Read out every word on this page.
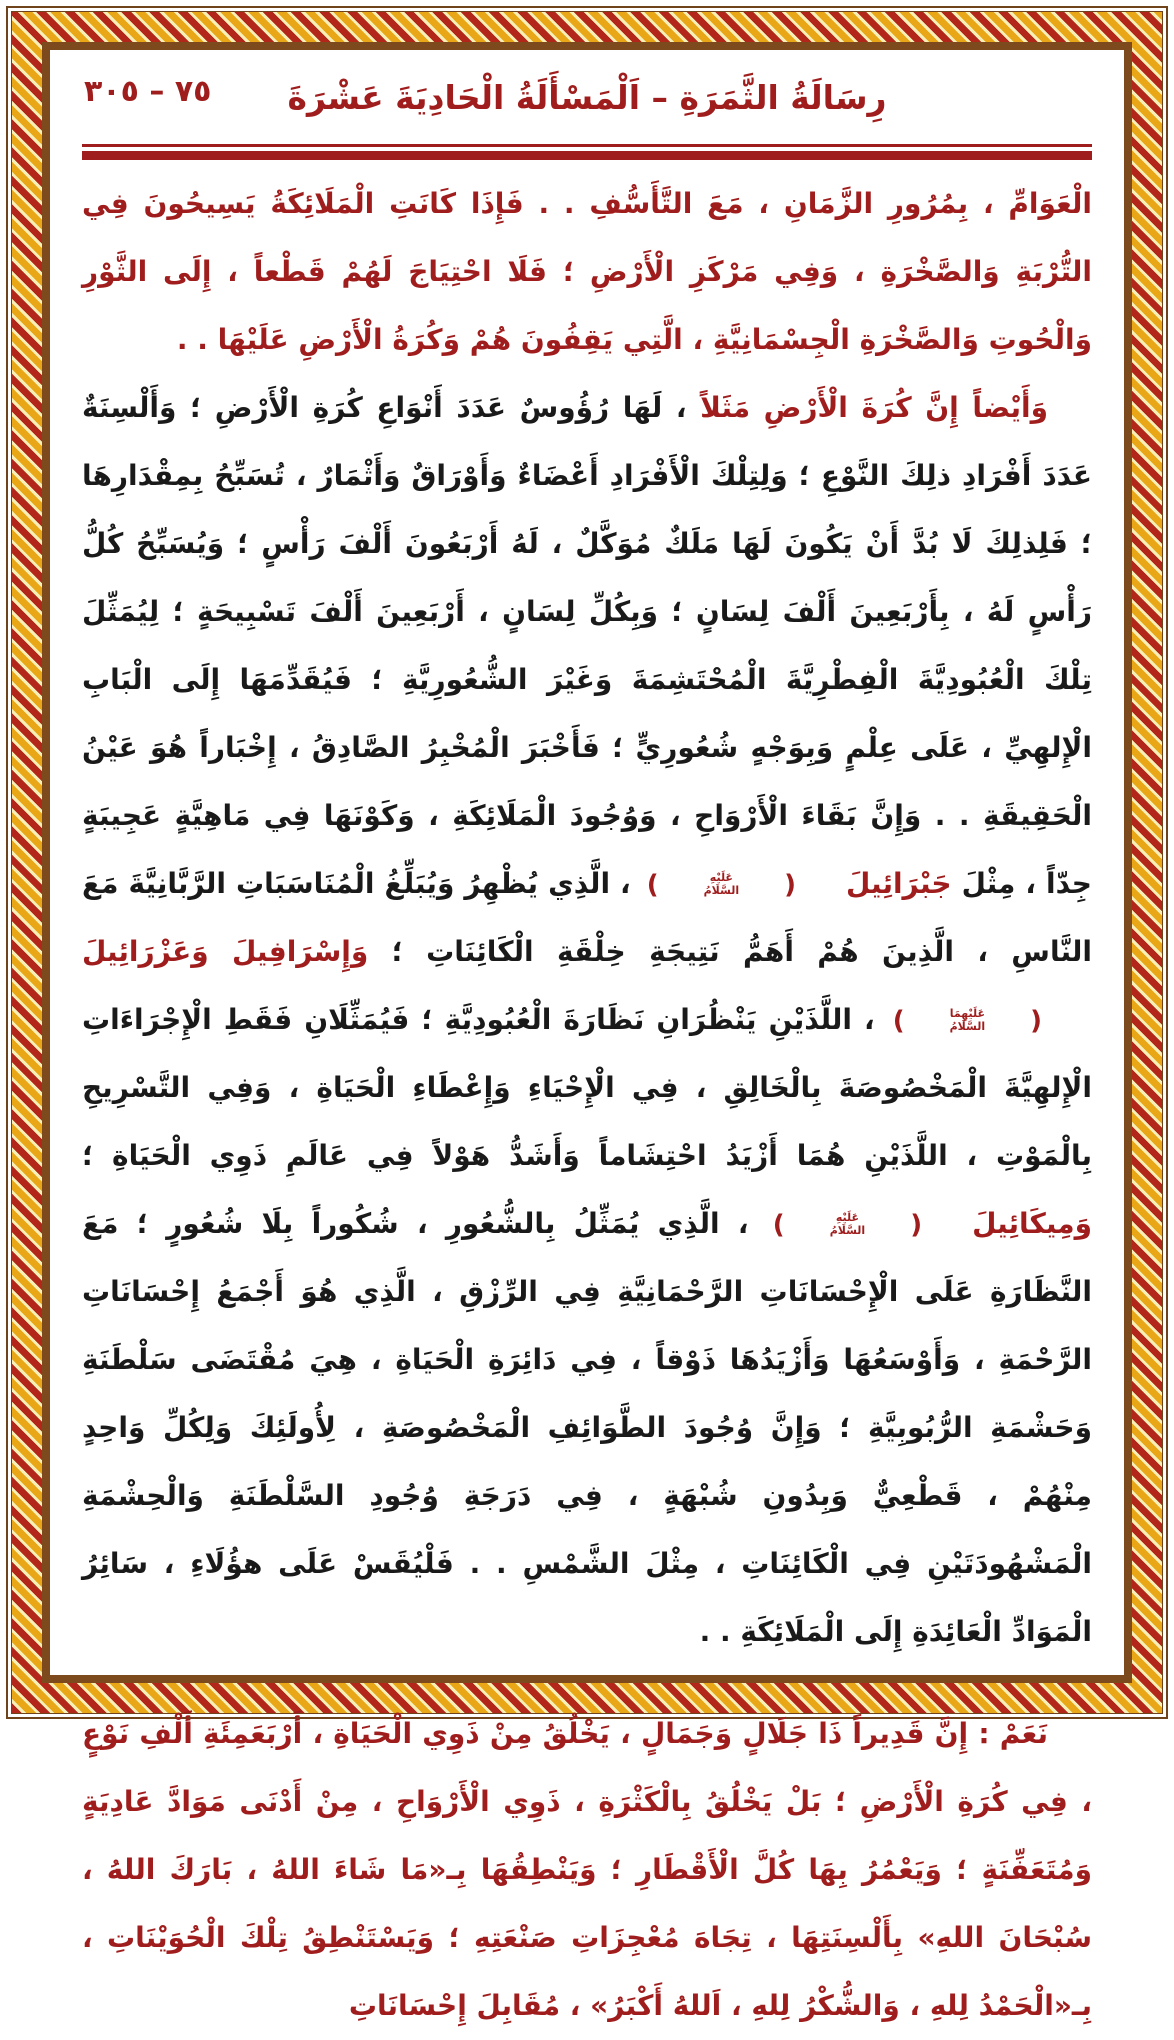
٧٥ – ٣٠٥ رِسَالَةُ الثَّمَرَةِ – اَلْمَسْأَلَةُ الْحَادِيَةَ عَشْرَةَ

الْعَوَامِّ ، بِمُرُورِ الزَّمَانِ ، مَعَ التَّأَسُّفِ . . فَإِذَا كَانَتِ الْمَلَائِكَةُ يَسِيحُونَ فِي التُّرْبَةِ وَالصَّخْرَةِ ، وَفِي مَرْكَزِ الْأَرْضِ ؛ فَلَا احْتِيَاجَ لَهُمْ قَطْعاً ، إِلَى الثَّوْرِ وَالْحُوتِ وَالصَّخْرَةِ الْجِسْمَانِيَّةِ ، الَّتِي يَقِفُونَ هُمْ وَكُرَةُ الْأَرْضِ عَلَيْهَا . .

وَأَيْضاً إِنَّ كُرَةَ الْأَرْضِ مَثَلاً ، لَهَا رُؤُوسٌ عَدَدَ أَنْوَاعِ كُرَةِ الْأَرْضِ ؛ وَأَلْسِنَةٌ عَدَدَ أَفْرَادِ ذلِكَ النَّوْعِ ؛ وَلِتِلْكَ الْأَفْرَادِ أَعْضَاءٌ وَأَوْرَاقٌ وَأَثْمَارٌ ، تُسَبِّحُ بِمِقْدَارِهَا ؛ فَلِذلِكَ لَا بُدَّ أَنْ يَكُونَ لَهَا مَلَكٌ مُوَكَّلٌ ، لَهُ أَرْبَعُونَ أَلْفَ رَأْسٍ ؛ وَيُسَبِّحُ كُلُّ رَأْسٍ لَهُ ، بِأَرْبَعِينَ أَلْفَ لِسَانٍ ؛ وَبِكُلِّ لِسَانٍ ، أَرْبَعِينَ أَلْفَ تَسْبِيحَةٍ ؛ لِيُمَثِّلَ تِلْكَ الْعُبُودِيَّةَ الْفِطْرِيَّةَ الْمُحْتَشِمَةَ وَغَيْرَ الشُّعُورِيَّةِ ؛ فَيُقَدِّمَهَا إِلَى الْبَابِ الْإِلهِيِّ ، عَلَى عِلْمٍ وَبِوَجْهٍ شُعُورِيٍّ ؛ فَأَخْبَرَ الْمُخْبِرُ الصَّادِقُ ، إِخْبَاراً هُوَ عَيْنُ الْحَقِيقَةِ . . وَإِنَّ بَقَاءَ الْأَرْوَاحِ ، وَوُجُودَ الْمَلَائِكَةِ ، وَكَوْنَهَا فِي مَاهِيَّةٍ عَجِيبَةٍ جِدّاً ، مِثْلَ جَبْرَائِيلَ
(
عَلَيْهِ
السَّلَامُ
)
، الَّذِي يُظْهِرُ وَيُبَلِّغُ الْمُنَاسَبَاتِ الرَّبَّانِيَّةَ مَعَ النَّاسِ ، الَّذِينَ هُمْ أَهَمُّ نَتِيجَةِ خِلْقَةِ الْكَائِنَاتِ ؛ وَإِسْرَافِيلَ وَعَزْرَائِيلَ
(
عَلَيْهِمَا
السَّلَامُ
)
، اللَّذَيْنِ يَنْظُرَانِ نَظَارَةَ الْعُبُودِيَّةِ ؛ فَيُمَثِّلَانِ فَقَطِ الْإِجْرَاءَاتِ الْإِلهِيَّةَ الْمَخْصُوصَةَ بِالْخَالِقِ ، فِي الْإِحْيَاءِ وَإِعْطَاءِ الْحَيَاةِ ، وَفِي التَّسْرِيحِ بِالْمَوْتِ ، اللَّذَيْنِ هُمَا أَزْيَدُ احْتِشَاماً وَأَشَدُّ هَوْلاً فِي عَالَمِ ذَوِي الْحَيَاةِ ؛ وَمِيكَائِيلَ
(
عَلَيْهِ
السَّلَامُ
)
، الَّذِي يُمَثِّلُ بِالشُّعُورِ ، شُكُوراً بِلَا شُعُورٍ ؛ مَعَ النَّظَارَةِ عَلَى الْإِحْسَانَاتِ الرَّحْمَانِيَّةِ فِي الرِّزْقِ ، الَّذِي هُوَ أَجْمَعُ إِحْسَانَاتِ الرَّحْمَةِ ، وَأَوْسَعُهَا وَأَزْيَدُهَا ذَوْقاً ، فِي دَائِرَةِ الْحَيَاةِ ، هِيَ مُقْتَضَى سَلْطَنَةِ وَحَشْمَةِ الرُّبُوبِيَّةِ ؛ وَإِنَّ وُجُودَ الطَّوَائِفِ الْمَخْصُوصَةِ ، لِأُولَئِكَ وَلِكُلِّ وَاحِدٍ مِنْهُمْ ، قَطْعِيٌّ وَبِدُونِ شُبْهَةٍ ، فِي دَرَجَةِ وُجُودِ السَّلْطَنَةِ وَالْحِشْمَةِ الْمَشْهُودَتَيْنِ فِي الْكَائِنَاتِ ، مِثْلَ الشَّمْسِ . . فَلْيُقَسْ عَلَى هؤُلَاءِ ، سَائِرُ الْمَوَادِّ الْعَائِدَةِ إِلَى الْمَلَائِكَةِ . .

نَعَمْ : إِنَّ قَدِيراً ذَا جَلَالٍ وَجَمَالٍ ، يَخْلُقُ مِنْ ذَوِي الْحَيَاةِ ، أَرْبَعَمِئَةِ أَلْفِ نَوْعٍ ، فِي كُرَةِ الْأَرْضِ ؛ بَلْ يَخْلُقُ بِالْكَثْرَةِ ، ذَوِي الْأَرْوَاحِ ، مِنْ أَدْنَى مَوَادَّ عَادِيَةٍ وَمُتَعَفِّنَةٍ ؛ وَيَعْمُرُ بِهَا كُلَّ الْأَقْطَارِ ؛ وَيَنْطِقُهَا بِـ«مَا شَاءَ اللهُ ، بَارَكَ اللهُ ، سُبْحَانَ اللهِ» بِأَلْسِنَتِهَا ، تِجَاهَ مُعْجِزَاتِ صَنْعَتِهِ ؛ وَيَسْتَنْطِقُ تِلْكَ الْحُوَيْنَاتِ ، بِـ«الْحَمْدُ لِلهِ ، وَالشُّكْرُ لِلهِ ، اَللهُ أَكْبَرُ» ، مُقَابِلَ إِحْسَانَاتِ
